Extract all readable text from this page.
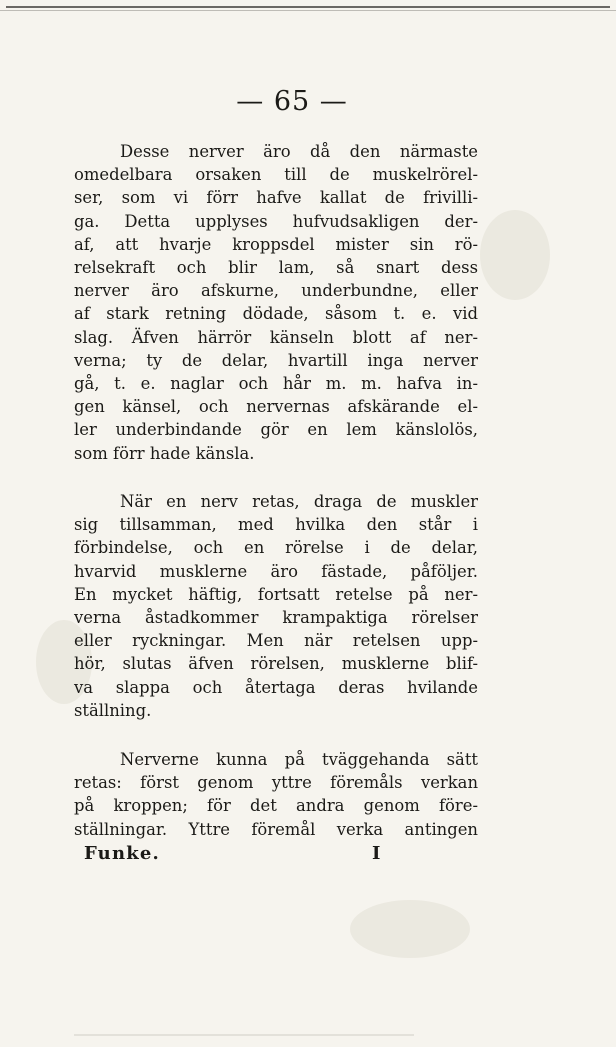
— 65 —
Desse nerver äro då den närmaste
omedelbara orsaken till de muskelrörel-
ser, som vi förr hafve kallat de frivilli-
ga. Detta upplyses hufvudsakligen der-
af, att hvarje kroppsdel mister sin rö-
relsekraft och blir lam, så snart dess
nerver äro afskurne, underbundne, eller
af stark retning dödade, såsom t. e. vid
slag. Äfven härrör känseln blott af ner-
verna; ty de delar, hvartill inga nerver
gå, t. e. naglar och hår m. m. hafva in-
gen känsel, och nervernas afskärande el-
ler underbindande gör en lem känslolös,
som förr hade känsla.
När en nerv retas, draga de muskler
sig tillsamman, med hvilka den står i
förbindelse, och en rörelse i de delar,
hvarvid musklerne äro fästade, påföljer.
En mycket häftig, fortsatt retelse på ner-
verna åstadkommer krampaktiga rörelser
eller ryckningar. Men när retelsen upp-
hör, slutas äfven rörelsen, musklerne blif-
va slappa och återtaga deras hvilande
ställning.
Nerverne kunna på tväggehanda sätt
retas: först genom yttre föremåls verkan
på kroppen; för det andra genom före-
ställningar. Yttre föremål verka antingen
Funke.	I
